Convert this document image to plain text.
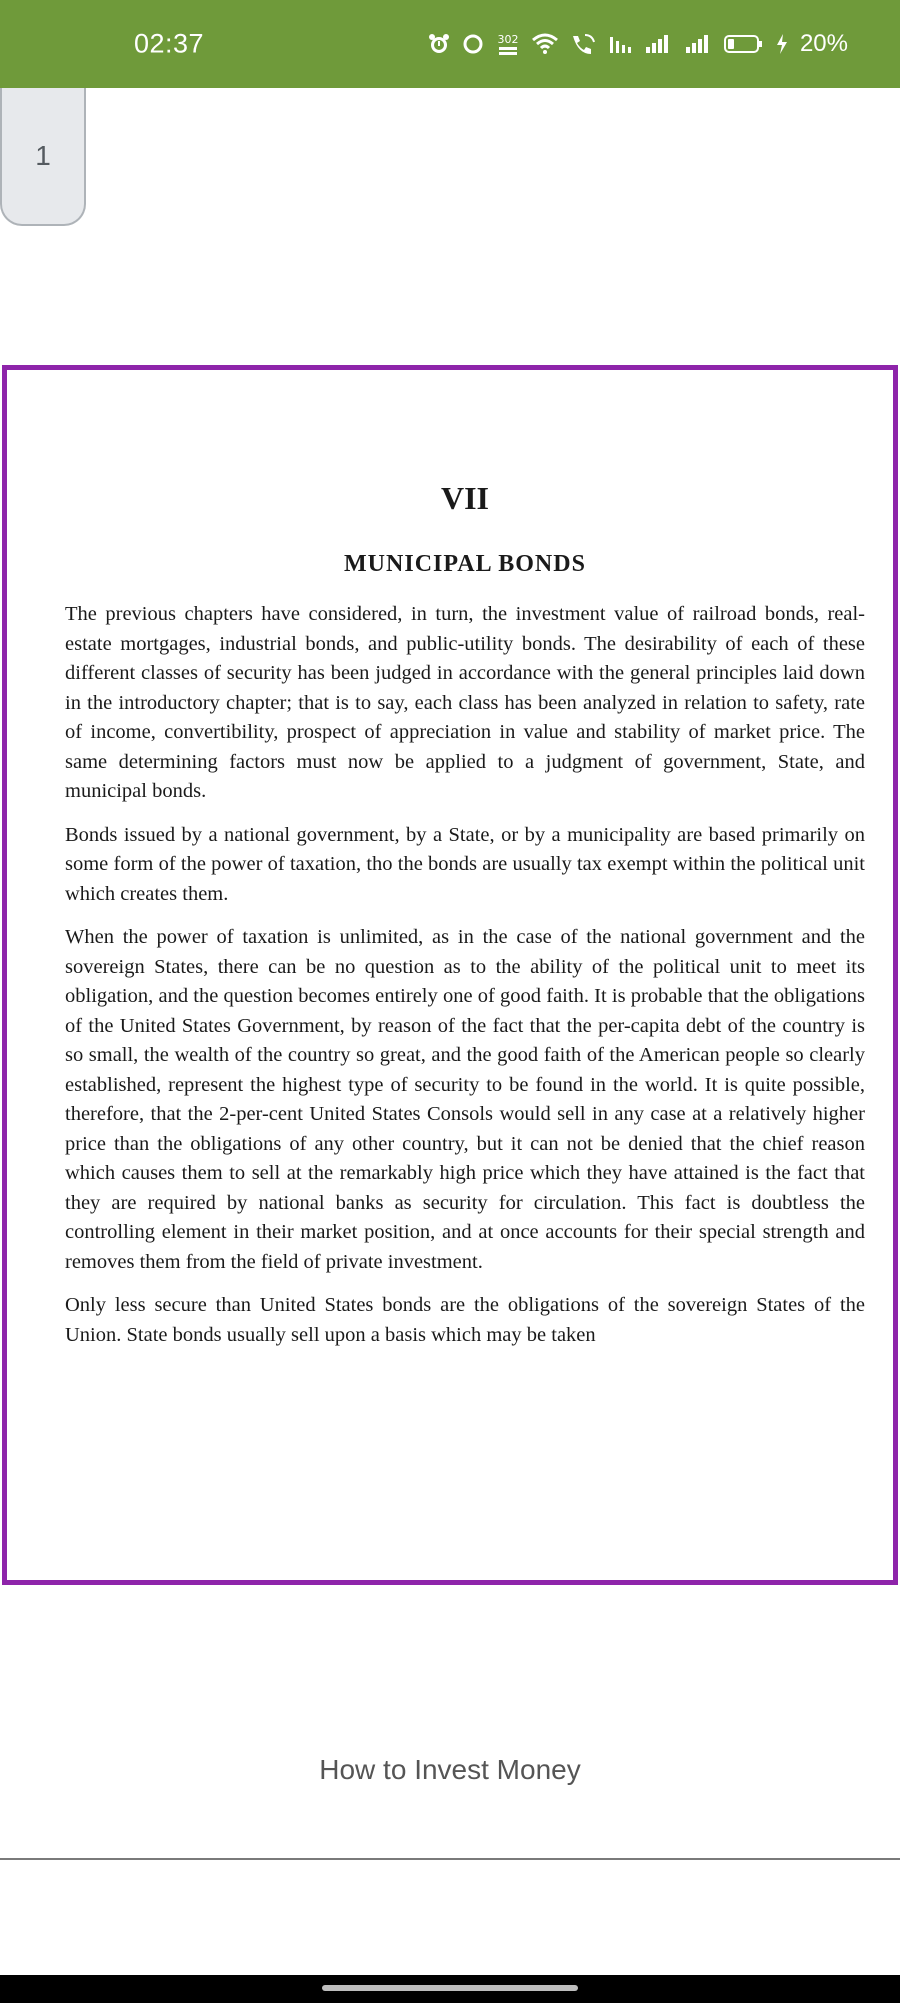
02:37	302	20%
1
VII
MUNICIPAL BONDS

The previous chapters have considered, in turn, the investment value of railroad bonds, real-estate mortgages, industrial bonds, and public-utility bonds. The desirability of each of these different classes of security has been judged in accordance with the general principles laid down in the introductory chapter; that is to say, each class has been analyzed in relation to safety, rate of income, convertibility, prospect of appreciation in value and stability of market price. The same determining factors must now be applied to a judgment of government, State, and municipal bonds.

Bonds issued by a national government, by a State, or by a municipality are based primarily on some form of the power of taxation, tho the bonds are usually tax exempt within the political unit which creates them.

When the power of taxation is unlimited, as in the case of the national government and the sovereign States, there can be no question as to the ability of the political unit to meet its obligation, and the question becomes entirely one of good faith. It is probable that the obligations of the United States Government, by reason of the fact that the per-capita debt of the country is so small, the wealth of the country so great, and the good faith of the American people so clearly established, represent the highest type of security to be found in the world. It is quite possible, therefore, that the 2-per-cent United States Consols would sell in any case at a relatively higher price than the obligations of any other country, but it can not be denied that the chief reason which causes them to sell at the remarkably high price which they have attained is the fact that they are required by national banks as security for circulation. This fact is doubtless the controlling element in their market position, and at once accounts for their special strength and removes them from the field of private investment.

Only less secure than United States bonds are the obligations of the sovereign States of the Union. State bonds usually sell upon a basis which may be taken

How to Invest Money
